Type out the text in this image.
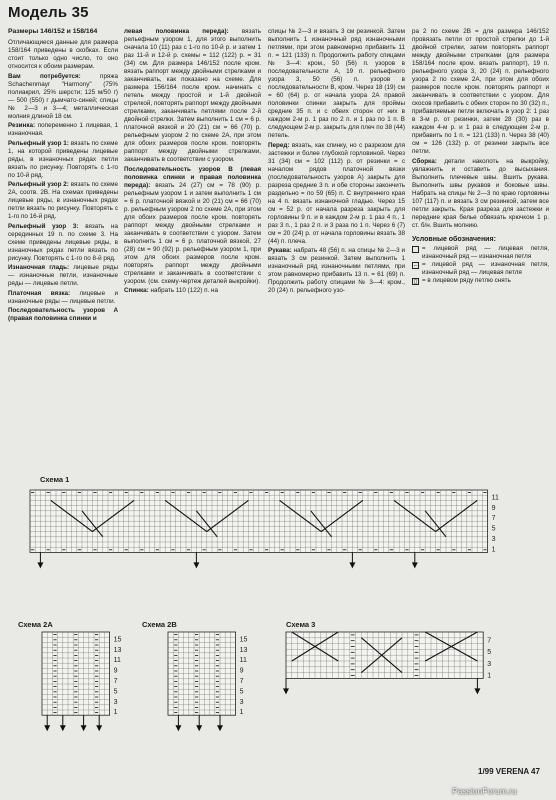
Модель 35

Размеры 146/152 и 158/164

Отличающиеся данные для размера 158/164 приведены в скобках. Если стоит только одно число, то оно относится к обоим размерам.

Вам потребуется:	пряжа Schachenmayr "Harmony" (75% полиакрил, 25% шерсти; 125 м/50 г) — 500 (550) г дымчато-синей; спицы № 2—3 и 3—4; металлическая молния длиной 18 см.

Резинка: попеременно 1 лицевая, 1 изнаночная.

Рельефный узор 1: вязать по схеме 1, на которой приведены лицевые ряды, в изнаночных рядах петли вязать по рисунку. Повторять с 1-го по 10-й ряд.

Рельефный узор 2: вязать по схеме 2А, соотв. 2В. На схемах приведены лицевые ряды, в изнаночных рядах петли вязать по рисунку. Повторять с 1-го по 16-й ряд.

Рельефный узор 3: вязать на серединных 19 п. по схеме 3. На схеме приведены лицевые ряды, в изнаночных рядах петли вязать по рисунку. Повторять с 1-го по 8-й ряд.

Изнаночная гладь: лицевые ряды — изнаночные петли, изнаночные ряды — лицевые петли.

Платочная вязка: лицевые и изнаночные ряды — лицевые петли.

Последовательность узоров А (правая половинка спинки и

левая половинка переда): вязать рельефным узором 1, для этого выполнить сначала 10 (11) раз с 1-го по 10-й р. и затем 1 раз 11-й и 12-й р. схемы = 112 (122) р. = 31 (34) см. Для размера 146/152 после кром. вязать раппорт между двойными стрелками и заканчивать, как показано на схеме. Для размера 156/164 после кром. начинать с петель между простой и 1-й двойной стрелкой, повторять раппорт между двойными стрелками, заканчивать петлями после 2-й двойной стрелки. Затем выполнить 1 см = 6 р. платочной вязкой и 20 (21) см = 66 (70) р. рельефным узором 2 по схеме 2А, при этом для обоих размеров после кром. повторять раппорт между двойными стрелками, заканчивать в соответствии с узором.

Последовательность узоров В (левая половинка спинки и правая половинка переда): вязать 24 (27) см = 78 (90) р. рельефным узором 1 и затем выполнить 1 см = 6 р. платочной вязкой и 20 (21) см = 66 (70) р. рельефным узором 2 по схеме 2А, при этом для обоих размеров после кром. повторять раппорт между двойными стрелками и заканчивать в соответствии с узором. Затем выполнить 1 см = 6 р. платочной вязкой, 27 (28) см = 90 (92) р. рельефным узором 1, при этом для обоих размеров после кром. повторять раппорт между двойными стрелками и заканчивать в соответствии с узором. (см. схему-чертеж деталей выкройки).

Спинка: набрать 110 (122) п. на

спицы № 2—3 и вязать 3 см резинкой. Затем выполнить 1 изнаночный ряд изнаночными петлями, при этом равномерно прибавить 11 п. = 121 (133) п. Продолжить работу спицами № 3—4: кром., 50 (56) п. узоров в последовательности А, 19 п. рельефного узора 3, 50 (56) п. узоров в последовательности В, кром. Через 18 (19) см = 60 (64) р. от начала узора 2А правой половинки спинки закрыть для проймы средние 35 п. и с обеих сторон от них в каждом 2-м р. 1 раз по 2 п. и 1 раз по 1 п. В следующем 2-м р. закрыть для плеч по 38 (44) петель.

Перед: вязать, как спинку, но с разрезом для застежки и более глубокой горловиной. Через 31 (34) см = 102 (112) р. от резинки = с началом рядов платочной вязки (последовательность узоров А) закрыть для разреза средние 3 п. и обе стороны закончить раздельно = по 59 (65) п. С внутреннего края на 4 п. вязать изнаночной гладью. Через 15 см = 52 р. от начала разреза закрыть для горловины 9 п. и в каждом 2-м р. 1 раз 4 п., 1 раз 3 п., 1 раз 2 п. и 3 раза по 1 п. Через 6 (7) см = 20 (24) р. от начала горловины вязать 38 (44) п. плеча.

Рукава: набрать 48 (56) п. на спицы № 2—3 и вязать 3 см резинкой. Затем выполнить 1 изнаночный ряд изнаночными петлями, при этом равномерно прибавить 13 п. = 61 (69) п. Продолжить работу спицами № 3—4: кром., 20 (24) п. рельефного узо-

ра 2 по схеме 2В = для размера 146/152 провязать петли от простой стрелки до 1-й двойной стрелки, затем повторять раппорт между двойными стрелками (для размера 158/164 после кром. вязать раппорт), 19 п. рельефного узора 3, 20 (24) п. рельефного узора 2 по схеме 2А, при этом для обоих размеров после кром. повторять раппорт и заканчивать в соответствии с узором. Для скосов прибавить с обеих сторон по 30 (32) п., прибавляемые петли включать в узор 2: 1 раз в 3-м р. от резинки, затем 28 (30) раз в каждом 4-м р. и 1 раз в следующем 2-м р. прибавить по 1 п. = 121 (133) п. Через 38 (40) см = 126 (132) р. от резинки закрыть все петли.

Сборка: детали наколоть на выкройку, увлажнить и оставить до высыхания. Выполнить плечевые швы. Вшить рукава. Выполнить швы рукавов и боковые швы. Набрать на спицы № 2—3 по краю горловины 107 (117) п. и вязать 3 см резинкой, затем все петли закрыть. Края разреза для застежки и передние края белье обвязать крючком 1 р. ст. б/н. Вшить молнию.

Условные обозначения:

= лицевой ряд — лицевая петля, изнаночный ряд — изнаночная петля
– = лицевой ряд — изнаночная петля, изнаночный ряд — лицевая петля
▯ = в лицевом ряду петлю снять
Схема 1
Схема 2А	Схема 2В	Схема 3
1
3
5
7
9
11
1
3
5
7
9
11
13
15
1
3
5
7
9
11
13
15
1
3
5
7
1/99 VERENA 47
PassionForum.ru
